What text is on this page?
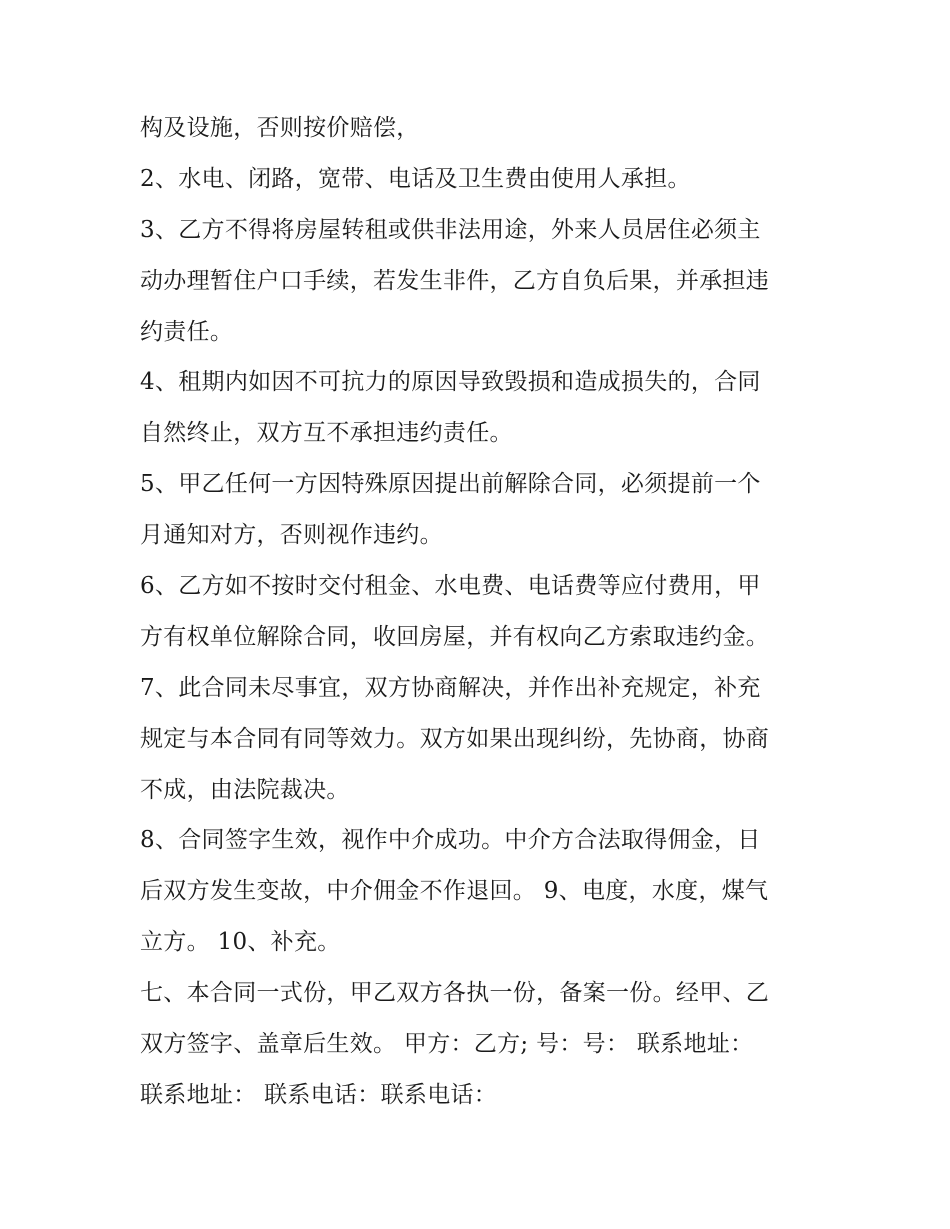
构及设施，否则按价赔偿，
2、水电、闭路，宽带、电话及卫生费由使用人承担。
3、乙方不得将房屋转租或供非法用途，外来人员居住必须主
动办理暂住户口手续，若发生非件，乙方自负后果，并承担违
约责任。
4、租期内如因不可抗力的原因导致毁损和造成损失的，合同
自然终止，双方互不承担违约责任。
5、甲乙任何一方因特殊原因提出前解除合同，必须提前一个
月通知对方，否则视作违约。
6、乙方如不按时交付租金、水电费、电话费等应付费用，甲
方有权单位解除合同，收回房屋，并有权向乙方索取违约金。
7、此合同未尽事宜，双方协商解决，并作出补充规定，补充
规定与本合同有同等效力。双方如果出现纠纷，先协商，协商
不成，由法院裁决。
8、合同签字生效，视作中介成功。中介方合法取得佣金，日
后双方发生变故，中介佣金不作退回。 9、电度，水度，煤气
立方。 10、补充。
七、本合同一式份，甲乙双方各执一份，备案一份。经甲、乙
双方签字、盖章后生效。 甲方：乙方; 号：号： 联系地址：
联系地址： 联系电话：联系电话：
